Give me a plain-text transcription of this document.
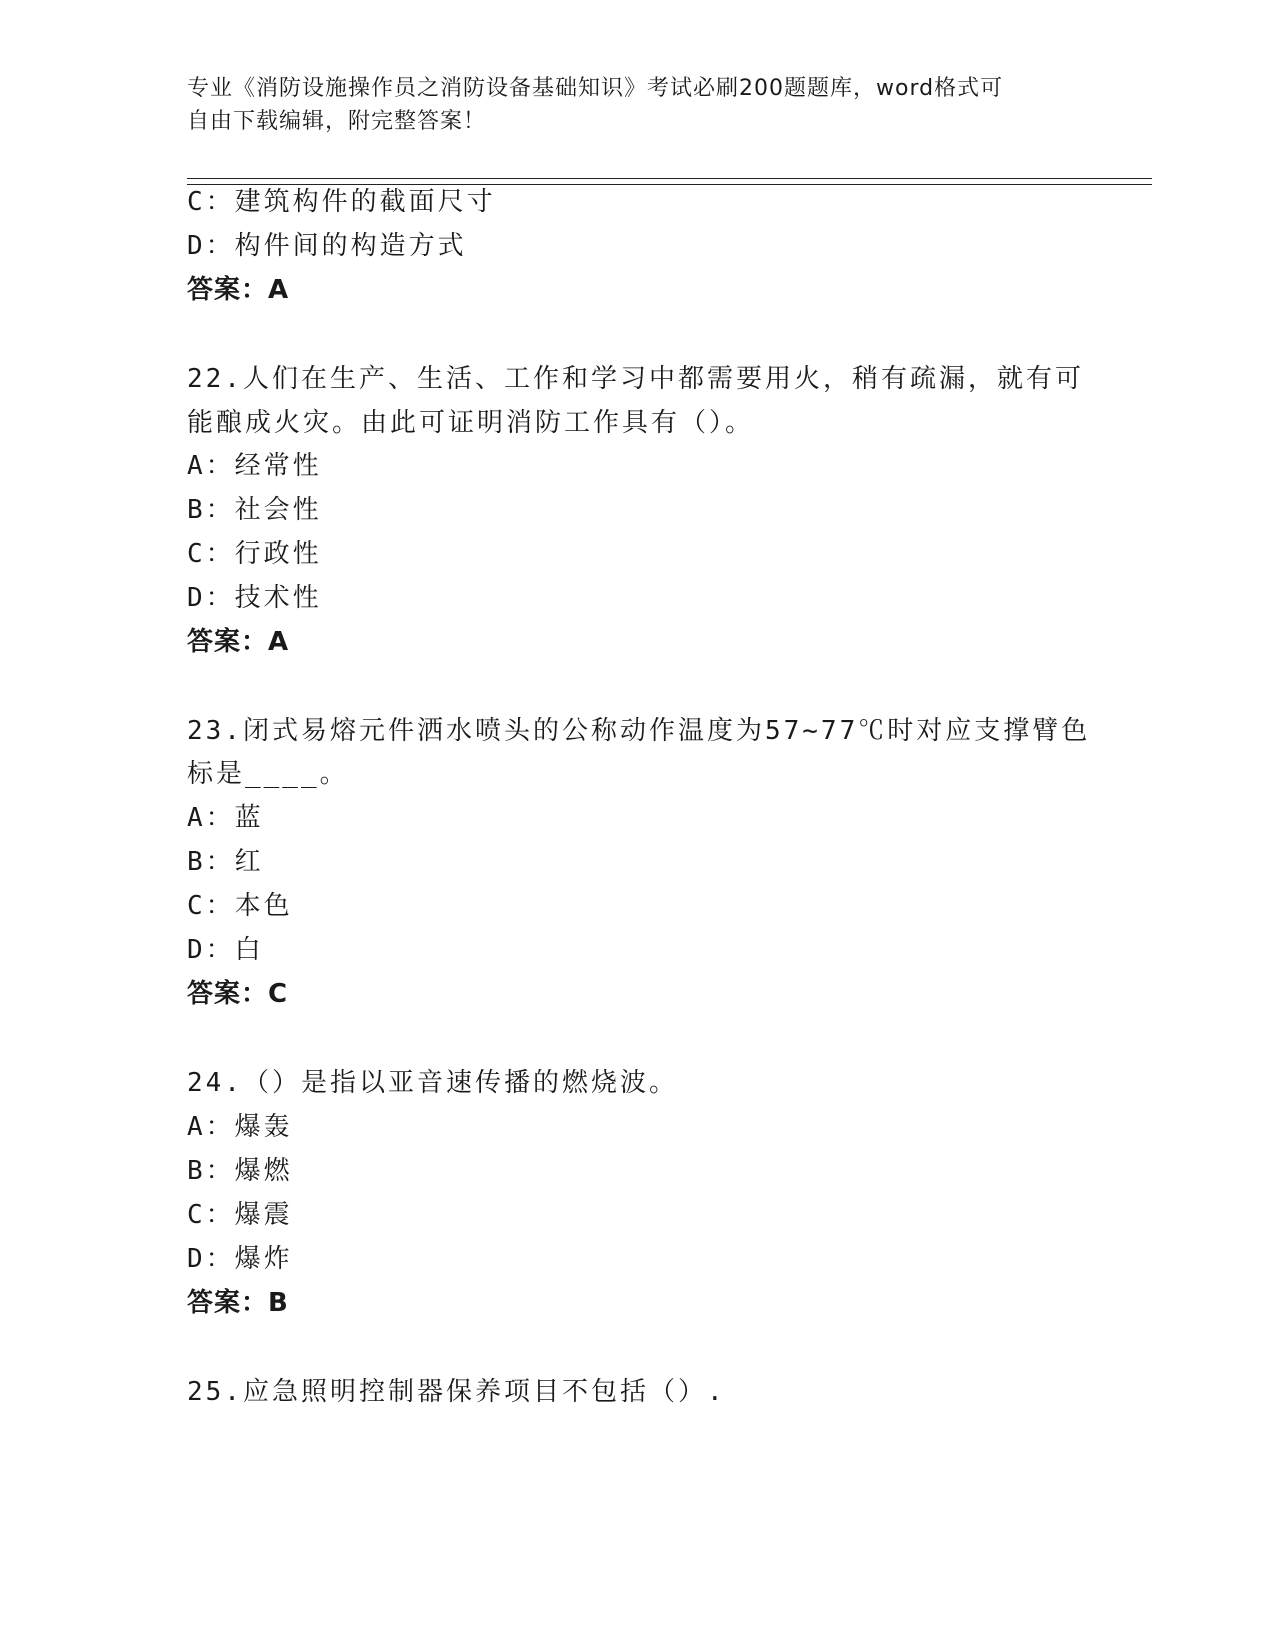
专业《消防设施操作员之消防设备基础知识》考试必刷200题题库，word格式可
自由下载编辑，附完整答案！
C：建筑构件的截面尺寸
D：构件间的构造方式
答案：A
22.人们在生产、生活、工作和学习中都需要用火，稍有疏漏，就有可
能酿成火灾。由此可证明消防工作具有（）。
A：经常性
B：社会性
C：行政性
D：技术性
答案：A
23.闭式易熔元件洒水喷头的公称动作温度为57~77℃时对应支撑臂色
标是____。
A：蓝
B：红
C：本色
D：白
答案：C
24.（）是指以亚音速传播的燃烧波。
A：爆轰
B：爆燃
C：爆震
D：爆炸
答案：B
25.应急照明控制器保养项目不包括（）.
